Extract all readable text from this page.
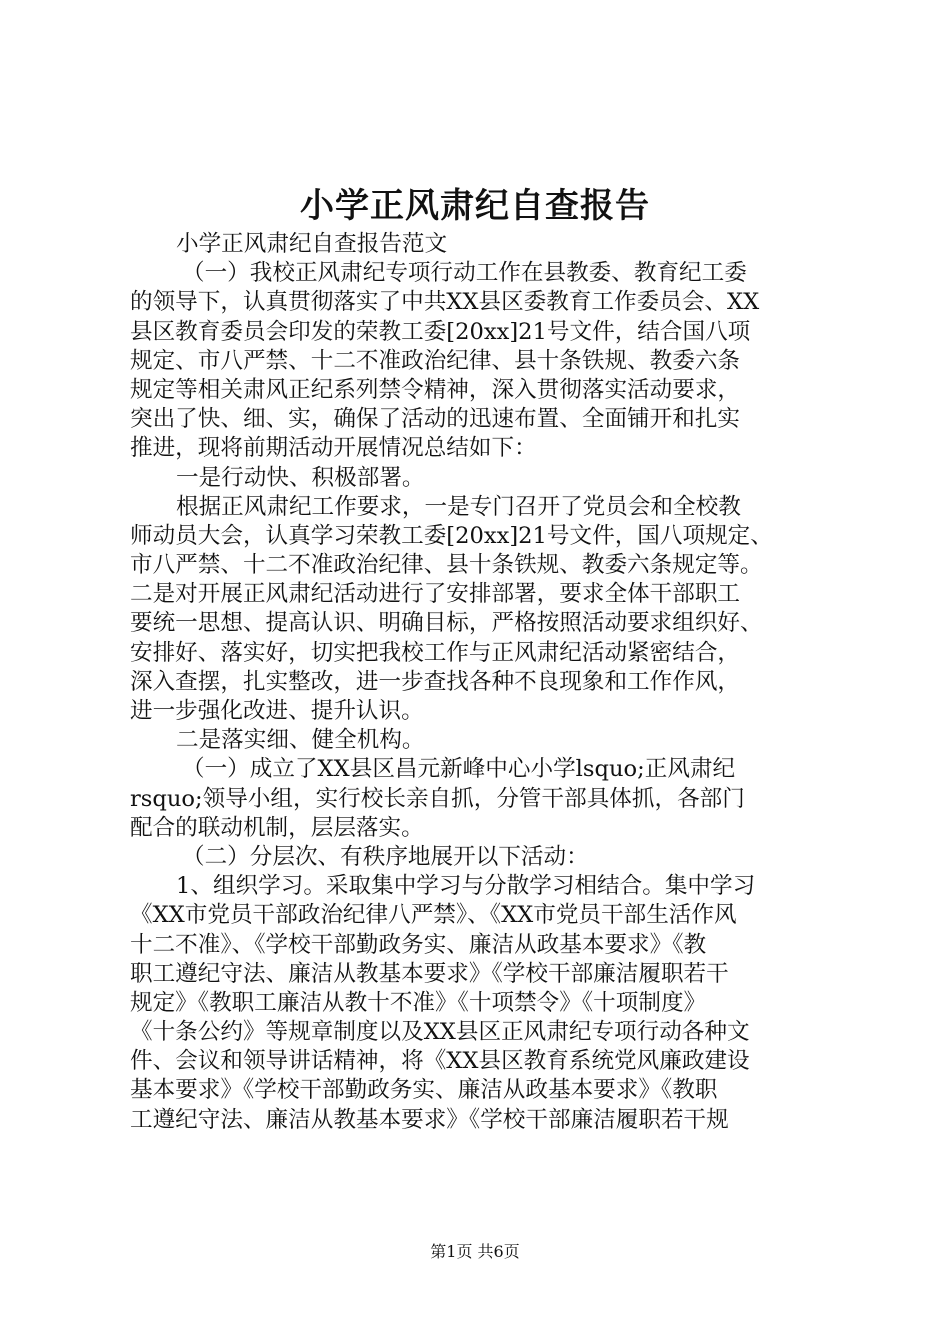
小学正风肃纪自查报告
小学正风肃纪自查报告范文
（一）我校正风肃纪专项行动工作在县教委、教育纪工委
的领导下，认真贯彻落实了中共XX县区委教育工作委员会、XX
县区教育委员会印发的荣教工委[20xx]21号文件，结合国八项
规定、市八严禁、十二不准政治纪律、县十条铁规、教委六条
规定等相关肃风正纪系列禁令精神，深入贯彻落实活动要求，
突出了快、细、实，确保了活动的迅速布置、全面铺开和扎实
推进，现将前期活动开展情况总结如下：
一是行动快、积极部署。
根据正风肃纪工作要求，一是专门召开了党员会和全校教
师动员大会，认真学习荣教工委[20xx]21号文件，国八项规定、
市八严禁、十二不准政治纪律、县十条铁规、教委六条规定等。
二是对开展正风肃纪活动进行了安排部署，要求全体干部职工
要统一思想、提高认识、明确目标，严格按照活动要求组织好、
安排好、落实好，切实把我校工作与正风肃纪活动紧密结合，
深入查摆，扎实整改，进一步查找各种不良现象和工作作风，
进一步强化改进、提升认识。
二是落实细、健全机构。
（一）成立了XX县区昌元新峰中心小学lsquo;正风肃纪
rsquo;领导小组，实行校长亲自抓，分管干部具体抓，各部门
配合的联动机制，层层落实。
（二）分层次、有秩序地展开以下活动：
1、组织学习。采取集中学习与分散学习相结合。集中学习
《XX市党员干部政治纪律八严禁》、《XX市党员干部生活作风
十二不准》、《学校干部勤政务实、廉洁从政基本要求》《教
职工遵纪守法、廉洁从教基本要求》《学校干部廉洁履职若干
规定》《教职工廉洁从教十不准》《十项禁令》《十项制度》
《十条公约》等规章制度以及XX县区正风肃纪专项行动各种文
件、会议和领导讲话精神，将《XX县区教育系统党风廉政建设
基本要求》《学校干部勤政务实、廉洁从政基本要求》《教职
工遵纪守法、廉洁从教基本要求》《学校干部廉洁履职若干规
第1页 共6页
